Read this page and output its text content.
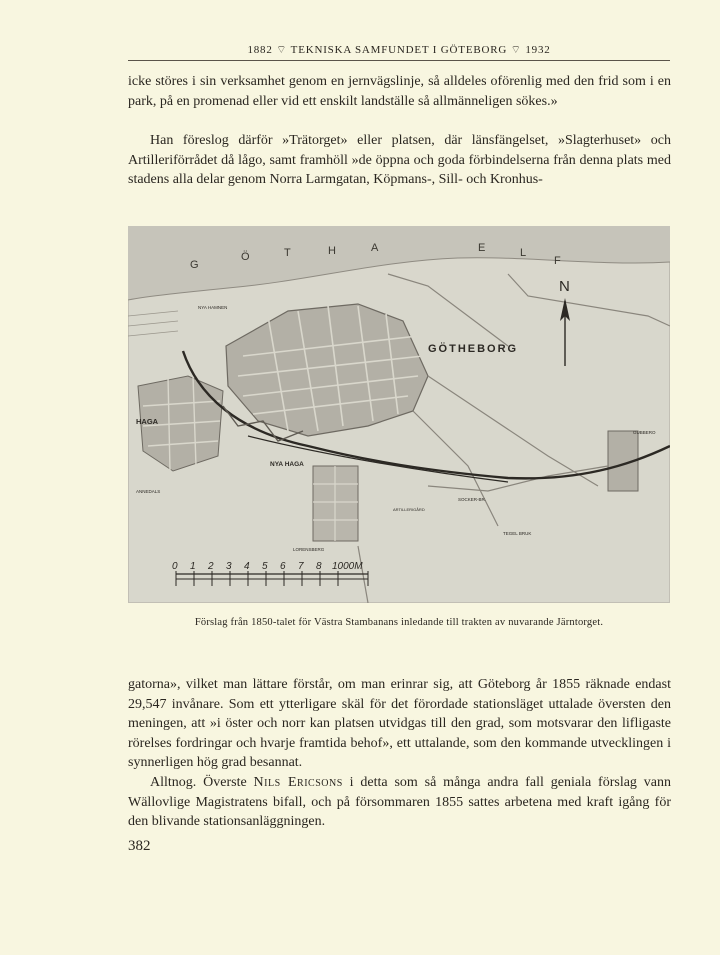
1882 ⌔ TEKNISKA SAMFUNDET I GÖTEBORG ⌔ 1932

icke störes i sin verksamhet genom en jernvägslinje, så alldeles oförenlig med den frid som i en park, på en promenad eller vid ett enskilt landställe så allmänneligen sökes.»

Han föreslog därför »Trätorget» eller platsen, där länsfängelset, »Slagterhuset» och Artilleriförrådet då lågo, samt framhöll »de öppna och goda förbindelserna från denna plats med stadens alla delar genom Norra Larmgatan, Köpmans-, Sill- och Kronhus-

N
G
Ö	T	H	A	E	L
F
GÖTHEBORG
NYA HAMNEN
HAGA
NYA HAGA
ANNEDALS
GUBBERO
SOCKER-BR.
TEGEL BRUK
ARTILLERIGÅRD
LORENSBERG
0 1 2 3 4 5 6 7 8 1000M
Förslag från 1850-talet för Västra Stambanans inledande till trakten av nuvarande Järntorget.

gatorna», vilket man lättare förstår, om man erinrar sig, att Göteborg år 1855 räknade endast 29,547 invånare. Som ett ytterligare skäl för det förordade stationsläget uttalade översten den meningen, att »i öster och norr kan platsen utvidgas till den grad, som motsvarar den lifligaste rörelses fordringar och hvarje framtida behof», ett uttalande, som den kommande utvecklingen i synnerligen hög grad besannat.

Alltnog. Överste Nils Ericsons i detta som så många andra fall geniala förslag vann Wällovlige Magistratens bifall, och på försommaren 1855 sattes arbetena med kraft igång för den blivande stationsanläggningen.

382
